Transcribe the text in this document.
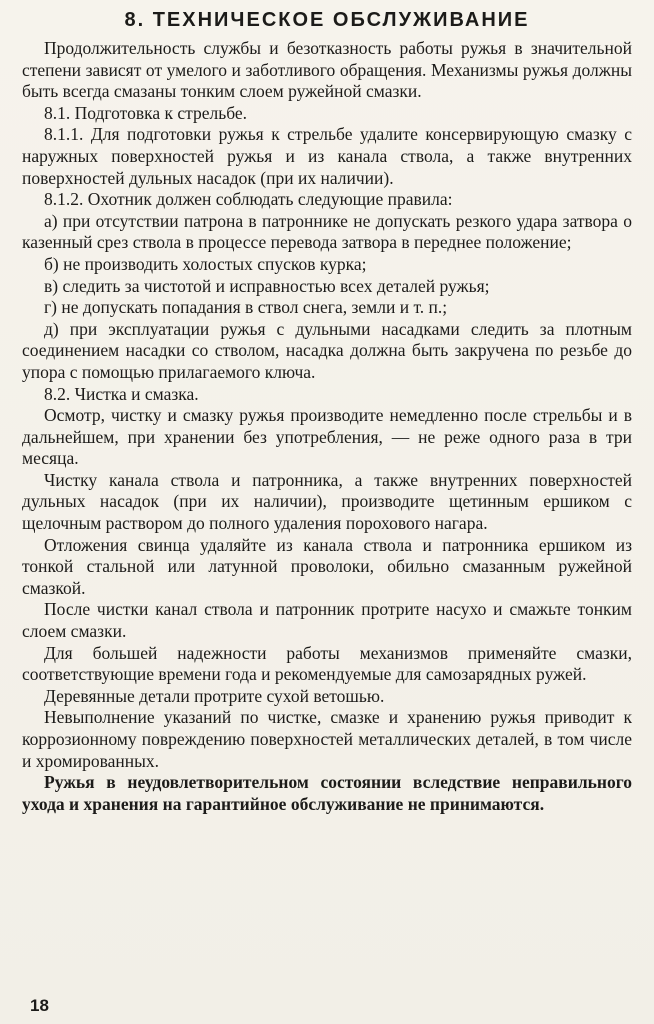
8. ТЕХНИЧЕСКОЕ ОБСЛУЖИВАНИЕ

Продолжительность службы и безотказность работы ружья в значительной степени зависят от умелого и заботливого обращения. Механизмы ружья должны быть всегда смазаны тонким слоем ружейной смазки.

8.1. Подготовка к стрельбе.

8.1.1. Для подготовки ружья к стрельбе удалите консервирующую смазку с наружных поверхностей ружья и из канала ствола, а также внутренних поверхностей дульных насадок (при их наличии).

8.1.2. Охотник должен соблюдать следующие правила:

а) при отсутствии патрона в патроннике не допускать резкого удара затвора о казенный срез ствола в процессе перевода затвора в переднее положение;

б) не производить холостых спусков курка;

в) следить за чистотой и исправностью всех деталей ружья;

г) не допускать попадания в ствол снега, земли и т. п.;

д) при эксплуатации ружья с дульными насадками следить за плотным соединением насадки со стволом, насадка должна быть закручена по резьбе до упора с помощью прилагаемого ключа.

8.2. Чистка и смазка.

Осмотр, чистку и смазку ружья производите немедленно после стрельбы и в дальнейшем, при хранении без употребления, — не реже одного раза в три месяца.

Чистку канала ствола и патронника, а также внутренних поверхностей дульных насадок (при их наличии), производите щетинным ершиком с щелочным раствором до полного удаления порохового нагара.

Отложения свинца удаляйте из канала ствола и патронника ершиком из тонкой стальной или латунной проволоки, обильно смазанным ружейной смазкой.

После чистки канал ствола и патронник протрите насухо и смажьте тонким слоем смазки.

Для большей надежности работы механизмов применяйте смазки, соответствующие времени года и рекомендуемые для самозарядных ружей.

Деревянные детали протрите сухой ветошью.

Невыполнение указаний по чистке, смазке и хранению ружья приводит к коррозионному повреждению поверхностей металлических деталей, в том числе и хромированных.

Ружья в неудовлетворительном состоянии вследствие неправильного ухода и хранения на гарантийное обслуживание не принимаются.

18
